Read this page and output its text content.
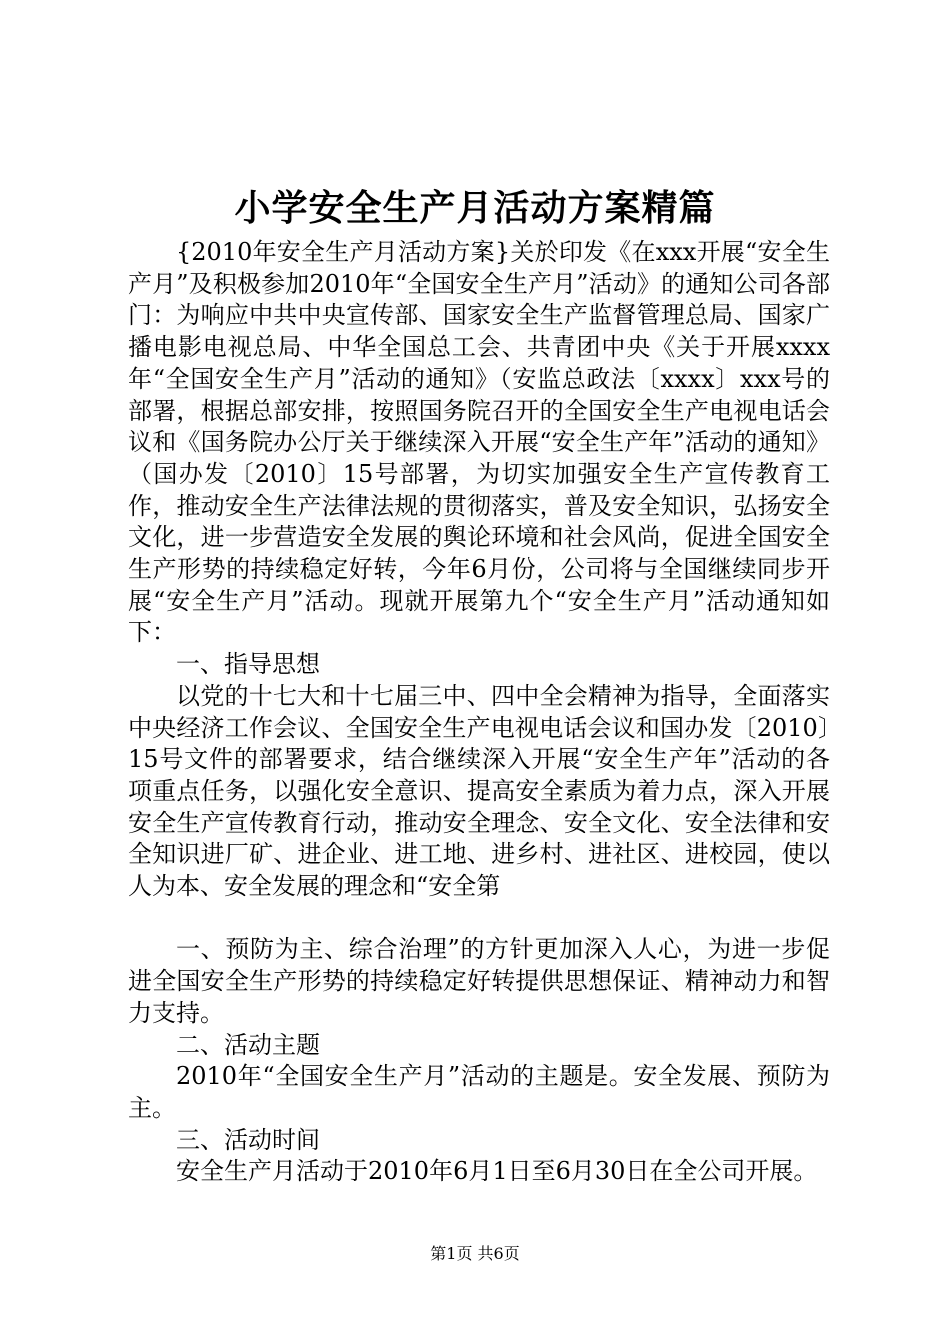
小学安全生产月活动方案精篇

{2010年安全生产月活动方案}关於印发《在xxx开展“安全生产月”及积极参加2010年“全国安全生产月”活动》的通知公司各部门：为响应中共中央宣传部、国家安全生产监督管理总局、国家广播电影电视总局、中华全国总工会、共青团中央《关于开展xxxx年“全国安全生产月”活动的通知》（安监总政法〔xxxx〕xxx号的部署，根据总部安排，按照国务院召开的全国安全生产电视电话会议和《国务院办公厅关于继续深入开展“安全生产年”活动的通知》（国办发〔2010〕15号部署，为切实加强安全生产宣传教育工作，推动安全生产法律法规的贯彻落实，普及安全知识，弘扬安全文化，进一步营造安全发展的舆论环境和社会风尚，促进全国安全生产形势的持续稳定好转，今年6月份，公司将与全国继续同步开展“安全生产月”活动。现就开展第九个“安全生产月”活动通知如下：

一、指导思想

以党的十七大和十七届三中、四中全会精神为指导，全面落实中央经济工作会议、全国安全生产电视电话会议和国办发〔2010〕15号文件的部署要求，结合继续深入开展“安全生产年”活动的各项重点任务，以强化安全意识、提高安全素质为着力点，深入开展安全生产宣传教育行动，推动安全理念、安全文化、安全法律和安全知识进厂矿、进企业、进工地、进乡村、进社区、进校园，使以人为本、安全发展的理念和“安全第

一、预防为主、综合治理”的方针更加深入人心，为进一步促进全国安全生产形势的持续稳定好转提供思想保证、精神动力和智力支持。

二、活动主题

2010年“全国安全生产月”活动的主题是。安全发展、预防为主。

三、活动时间

安全生产月活动于2010年6月1日至6月30日在全公司开展。

第1页 共6页
